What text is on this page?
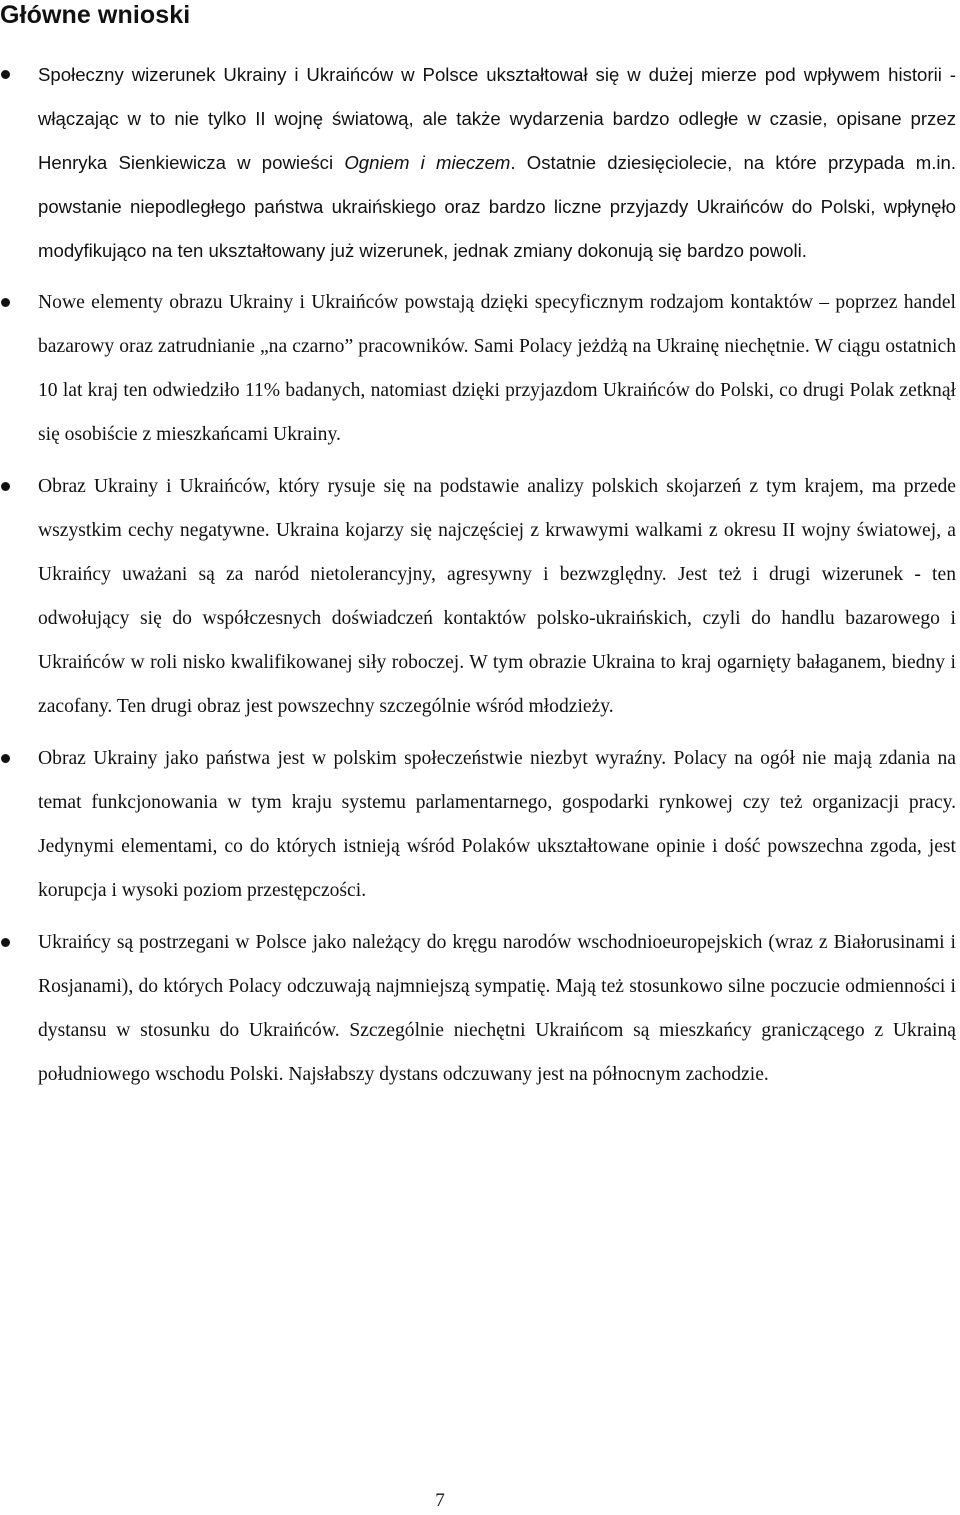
Główne wnioski
Społeczny wizerunek Ukrainy i Ukraińców w Polsce ukształtował się w dużej mierze pod wpływem historii - włączając w to nie tylko II wojnę światową, ale także wydarzenia bardzo odległe w czasie, opisane przez Henryka Sienkiewicza w powieści Ogniem i mieczem. Ostatnie dziesięciolecie, na które przypada m.in. powstanie niepodległego państwa ukraińskiego oraz bardzo liczne przyjazdy Ukraińców do Polski, wpłynęło modyfikująco na ten ukształtowany już wizerunek, jednak zmiany dokonują się bardzo powoli.
Nowe elementy obrazu Ukrainy i Ukraińców powstają dzięki specyficznym rodzajom kontaktów – poprzez handel bazarowy oraz zatrudnianie „na czarno” pracowników. Sami Polacy jeżdżą na Ukrainę niechętnie. W ciągu ostatnich 10 lat kraj ten odwiedziło 11% badanych, natomiast dzięki przyjazdom Ukraińców do Polski, co drugi Polak zetknął się osobiście z mieszkańcami Ukrainy.
Obraz Ukrainy i Ukraińców, który rysuje się na podstawie analizy polskich skojarzeń z tym krajem, ma przede wszystkim cechy negatywne. Ukraina kojarzy się najczęściej z krwawymi walkami z okresu II wojny światowej, a Ukraińcy uważani są za naród nietolerancyjny, agresywny i bezwzględny. Jest też i drugi wizerunek - ten odwołujący się do współczesnych doświadczeń kontaktów polsko-ukraińskich, czyli do handlu bazarowego i Ukraińców w roli nisko kwalifikowanej siły roboczej. W tym obrazie Ukraina to kraj ogarnięty bałaganem, biedny i zacofany. Ten drugi obraz jest powszechny szczególnie wśród młodzieży.
Obraz Ukrainy jako państwa jest w polskim społeczeństwie niezbyt wyraźny. Polacy na ogół nie mają zdania na temat funkcjonowania w tym kraju systemu parlamentarnego, gospodarki rynkowej czy też organizacji pracy. Jedynymi elementami, co do których istnieją wśród Polaków ukształtowane opinie i dość powszechna zgoda, jest korupcja i wysoki poziom przestępczości.
Ukraińcy są postrzegani w Polsce jako należący do kręgu narodów wschodnioeuropejskich (wraz z Białorusinami i Rosjanami), do których Polacy odczuwają najmniejszą sympatię. Mają też stosunkowo silne poczucie odmienności i dystansu w stosunku do Ukraińców. Szczególnie niechętni Ukraińcom są mieszkańcy graniczącego z Ukrainą południowego wschodu Polski. Najsłabszy dystans odczuwany jest na północnym zachodzie.
7
